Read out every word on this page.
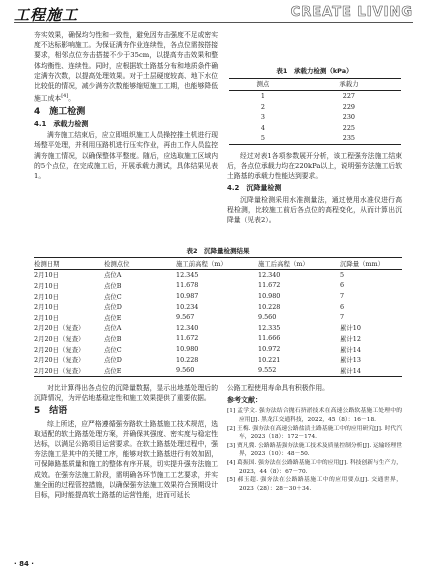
工程施工	CREATE LIVING

夯实效果，确保均匀性和一致性，避免因夯击强度不足或密实度不达标影响施工。为保证满夯作业连续性，各点位需按搭接要求，相邻点位夯击搭接不少于35cm，以提高夯击效果和整体均衡性、连续性。同时，应根据软土路基分布和地质条件确定满夯次数，以提高处理效果。对于土层硬度较高、地下水位比较低的情况，减少满夯次数能够缩短施工工期，也能够降低施工成本[4]。

4　施工检测
4.1　承载力检测

满夯施工结束后，应立即组织施工人员操控推土机进行现场整平处理，并利用压路机进行压实作业，再由工作人员监控满夯施工情况，以确保整体平整度。随后，应选取施工区域内的5个点位，在完成施工后，开展承载力测试，具体结果见表1。

表1　承载力检测（kPa）
测点	承载力
1	227
2	229
3	230
4	225
5	235

经过对表1各项参数展开分析，该工程强夯法施工结束后，各点位承载力均在220kPa以上，说明强夯法施工后软土路基的承载力性能达到要求。

4.2　沉降量检测

沉降量检测采用水准测量法，通过使用水准仪进行高程检测，比较施工前后各点位的高程变化，从而计算出沉降量（见表2）。

表2　沉降量检测结果
检测日期	检测点位	施工前高程（m）	施工后高程（m）	沉降量（mm）
2月10日	点位A	12.345	12.340	5
2月10日	点位B	11.678	11.672	6
2月10日	点位C	10.987	10.980	7
2月10日	点位D	10.234	10.228	6
2月10日	点位E	9.567	9.560	7
2月20日（复查）	点位A	12.340	12.335	累计10
2月20日（复查）	点位B	11.672	11.666	累计12
2月20日（复查）	点位C	10.980	10.972	累计14
2月20日（复查）	点位D	10.228	10.221	累计13
2月20日（复查）	点位E	9.560	9.552	累计14

对比计算得出各点位的沉降量数据，显示出地基处理后的沉降情况，为评估地基稳定性和施工效果提供了重要依据。

5　结语

综上所述，应严格遵循强夯路软土路基施工技术规范，选取适配的软土路基处理方案，并确保其强度、密实度与稳定性达标，以满足公路项目运营要求。在软土路基处理过程中，强夯法施工是其中的关键工序，能够对软土路基进行有效加固，可保障路基质量和施工的整体有序开展，切实提升强夯法施工成效。在强夯法施工阶段，需明确各环节施工工艺要求，并实施全面的过程管控措施，以确保强夯法施工效果符合预期设计目标，同时能提高软土路基的运营性能，进而可延长

公路工程使用寿命具有积极作用。

参考文献：

[1] 孟学文. 强夯法结合抛石挤淤技术在高速公路软基施工处理中的应用[J]. 黑龙江交通科技，2022，45（8）：16－18.

[2] 王梅. 强夯法在高速公路盐渍土路基施工中的应用研究[J]. 时代汽车，2023（18）：172－174.

[3] 贾凡冀. 公路路基强夯法施工技术及质量控制分析[J]. 运输经理世界，2023（10）：48－50.

[4] 葛振国. 强夯法在公路路基施工中的应用[J]. 科技创新与生产力，2023，44（8）：67－70.

[5] 郝玉超. 强夯法在公路路基施工中的应用要点[J]. 交通世界，2023（28）：28－30＋34.

· 84 ·
